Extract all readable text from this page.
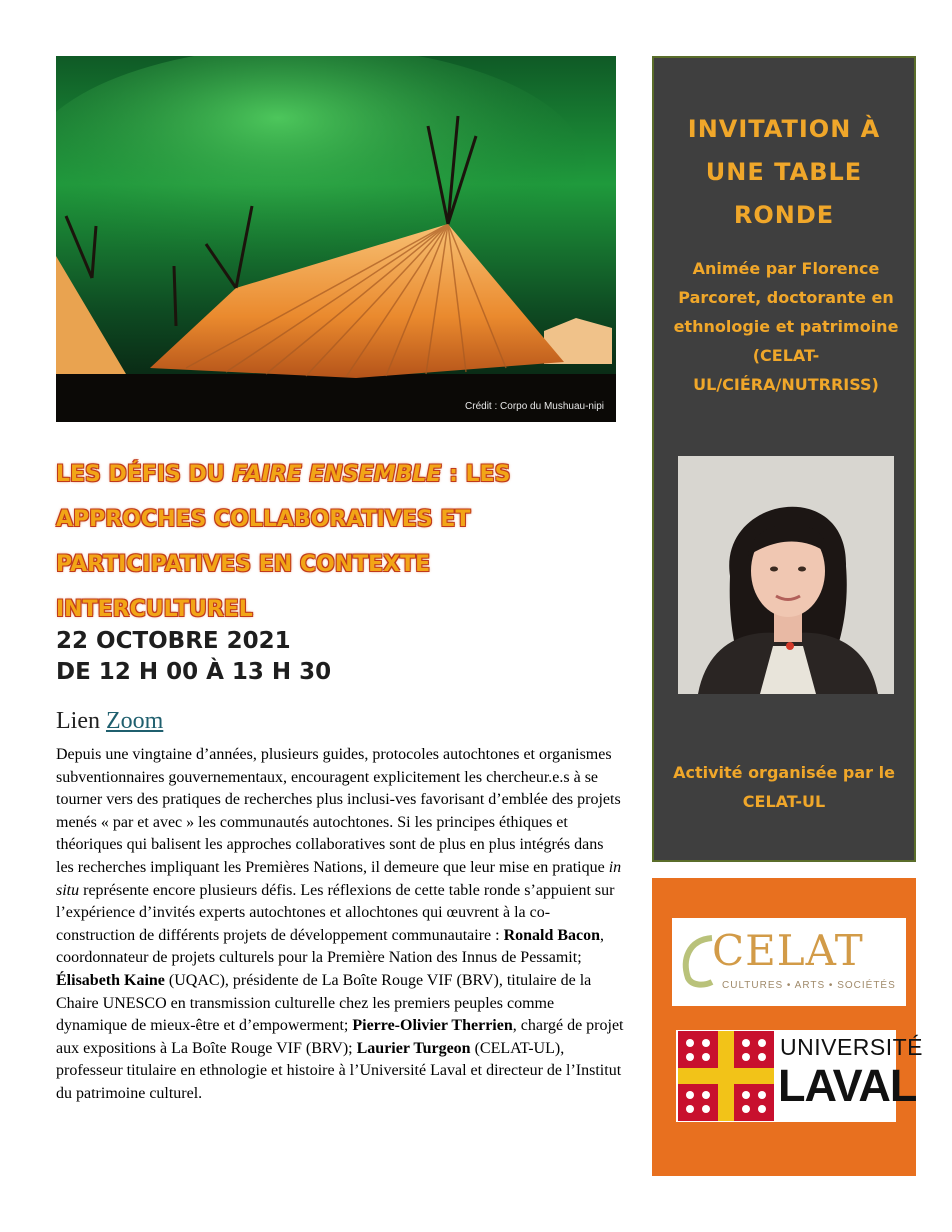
Crédit : Corpo du Mushuau-nipi
LES DÉFIS DU FAIRE ENSEMBLE : LES APPROCHES COLLABORATIVES ET PARTICIPATIVES EN CONTEXTE INTERCULTUREL
22 OCTOBRE 2021
DE 12 H 00 À 13 H 30

Lien Zoom

Depuis une vingtaine d’années, plusieurs guides, protocoles autochtones et organismes subventionnaires gouvernementaux, encouragent explicitement les chercheur.e.s à se tourner vers des pratiques de recherches plus inclusi-ves favorisant d’emblée des projets menés « par et avec » les communautés autochtones. Si les principes éthiques et théoriques qui balisent les approches collaboratives sont de plus en plus intégrés dans les recherches impliquant les Premières Nations, il demeure que leur mise en pratique in situ représente encore plusieurs défis. Les réflexions de cette table ronde s’appuient sur l’expérience d’invités experts autochtones et allochtones qui œuvrent à la co-construction de différents projets de développement communautaire : Ronald Bacon, coordonnateur de projets culturels pour la Première Nation des Innus de Pessamit; Élisabeth Kaine (UQAC), présidente de La Boîte Rouge VIF (BRV), titulaire de la Chaire UNESCO en transmission culturelle chez les premiers peuples comme dynamique de mieux-être et d’empowerment; Pierre-Olivier Therrien, chargé de projet aux expositions à La Boîte Rouge VIF (BRV); Laurier Turgeon (CELAT-UL), professeur titulaire en ethnologie et histoire à l’Université Laval et directeur de l’Institut du patrimoine culturel.

INVITATION À UNE TABLE RONDE

Animée par Florence Parcoret, doctorante en ethnologie et patrimoine (CELAT-UL/CIÉRA/NUTRRISS)

Activité organisée par le CELAT-UL

CELAT

CULTURES • ARTS • SOCIÉTÉS

UNIVERSITÉ

LAVAL
